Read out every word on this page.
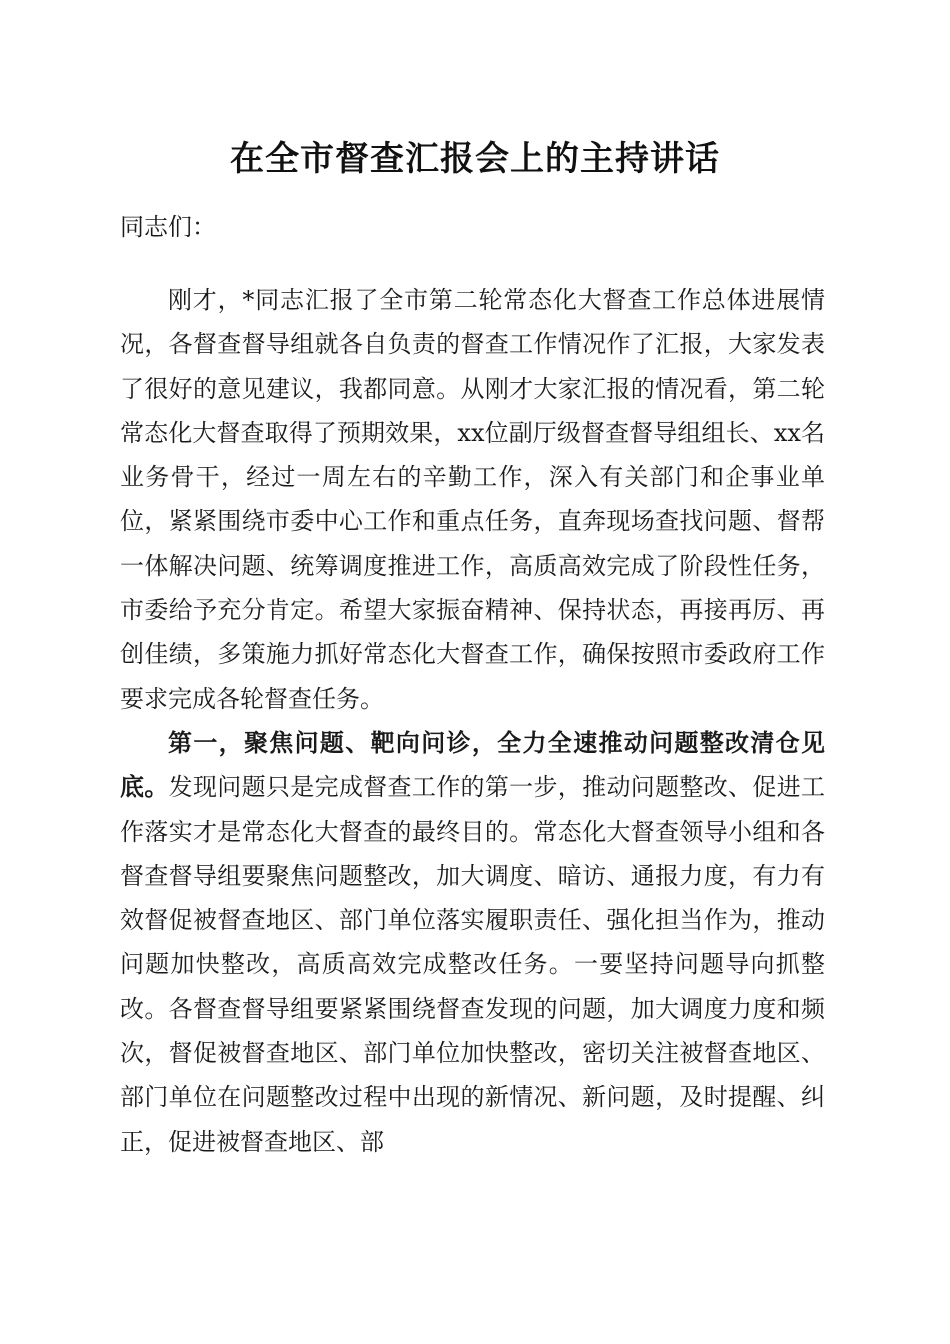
在全市督查汇报会上的主持讲话
同志们：

刚才，*同志汇报了全市第二轮常态化大督查工作总体进展情况，各督查督导组就各自负责的督查工作情况作了汇报，大家发表了很好的意见建议，我都同意。从刚才大家汇报的情况看，第二轮常态化大督查取得了预期效果，xx位副厅级督查督导组组长、xx名业务骨干，经过一周左右的辛勤工作，深入有关部门和企事业单位，紧紧围绕市委中心工作和重点任务，直奔现场查找问题、督帮一体解决问题、统筹调度推进工作，高质高效完成了阶段性任务，市委给予充分肯定。希望大家振奋精神、保持状态，再接再厉、再创佳绩，多策施力抓好常态化大督查工作，确保按照市委政府工作要求完成各轮督查任务。

第一，聚焦问题、靶向问诊，全力全速推动问题整改清仓见底。发现问题只是完成督查工作的第一步，推动问题整改、促进工作落实才是常态化大督查的最终目的。常态化大督查领导小组和各督查督导组要聚焦问题整改，加大调度、暗访、通报力度，有力有效督促被督查地区、部门单位落实履职责任、强化担当作为，推动问题加快整改，高质高效完成整改任务。一要坚持问题导向抓整改。各督查督导组要紧紧围绕督查发现的问题，加大调度力度和频次，督促被督查地区、部门单位加快整改，密切关注被督查地区、部门单位在问题整改过程中出现的新情况、新问题，及时提醒、纠正，促进被督查地区、部
